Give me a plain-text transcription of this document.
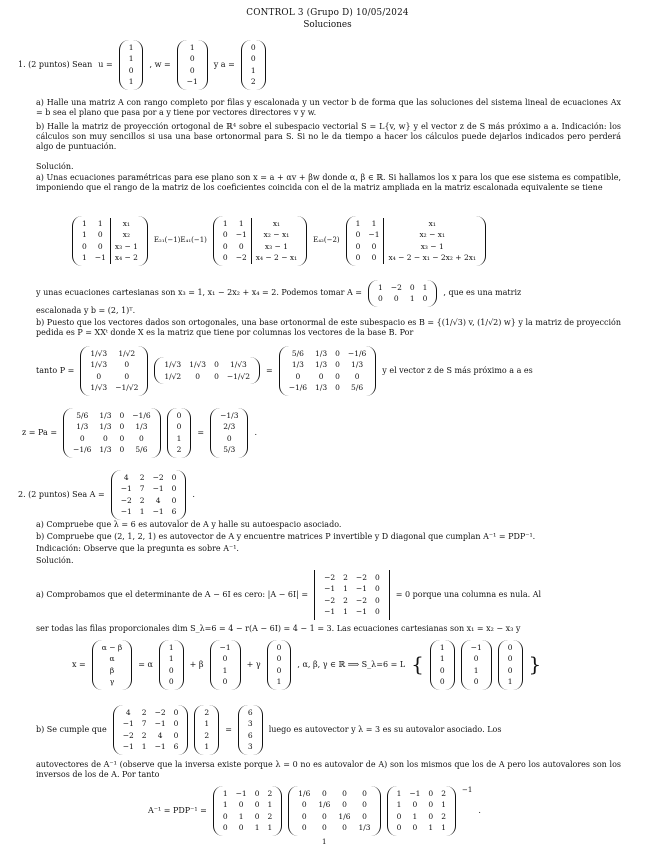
CONTROL 3 (Grupo D) 10/05/2024
Soluciones
1. (2 puntos) Sean u =
1
1
0
1
, w =
1
0
0
−1
y a =
0
0
1
2
a) Halle una matriz A con rango completo por filas y escalonada y un vector b de forma que las soluciones del sistema lineal de ecuaciones Ax = b sea el plano que pasa por a y tiene por vectores directores v y w.
b) Halle la matriz de proyección ortogonal de ℝ⁴ sobre el subespacio vectorial S = L{v, w} y el vector z de S más próximo a a. Indicación: los cálculos son muy sencillos si usa una base ortonormal para S. Si no le da tiempo a hacer los cálculos puede dejarlos indicados pero perderá algo de puntuación.
Solución.
a) Unas ecuaciones paramétricas para ese plano son x = a + αv + βw donde α, β ∈ ℝ. Si hallamos los x para los que ese sistema es compatible, imponiendo que el rango de la matriz de los coeficientes coincida con el de la matriz ampliada en la matriz escalonada equivalente se tiene
1	1	x₁
1	0	x₂
0	0	x₃ − 1
1	−1	x₄ − 2
E₂₁(−1)E₄₁(−1)
1	1	x₁
0	−1	x₂ − x₁
0	0	x₃ − 1
0	−2	x₄ − 2 − x₁
E₄₂(−2)
1	1	x₁
0	−1	x₂ − x₁
0	0	x₃ − 1
0	0	x₄ − 2 − x₁ − 2x₂ + 2x₁
y unas ecuaciones cartesianas son x₃ = 1, x₁ − 2x₂ + x₄ = 2. Podemos tomar A =
1	−2	0	1
0	0	1	0
, que es una matriz
escalonada y b = (2, 1)ᵀ.
b) Puesto que los vectores dados son ortogonales, una base ortonormal de este subespacio es B = {(1/√3) v, (1/√2) w} y la matriz de proyección pedida es P = XXᵗ donde X es la matriz que tiene por columnas los vectores de la base B. Por
tanto P =
1/√3	1/√2
1/√3	0
0	0
1/√3	−1/√2
1/√3	1/√3	0	1/√3
1/√2	0	0	−1/√2
=
5/6	1/3	0	−1/6
1/3	1/3	0	1/3
0	0	0	0
−1/6	1/3	0	5/6
y el vector z de S más próximo a a es
z = Pa =
5/6	1/3	0	−1/6
1/3	1/3	0	1/3
0	0	0	0
−1/6	1/3	0	5/6
0
0
1
2
=
−1/3
2/3
0
5/3
.
2. (2 puntos) Sea A =
4	2	−2	0
−1	7	−1	0
−2	2	4	0
−1	1	−1	6
.
a) Compruebe que λ = 6 es autovalor de A y halle su autoespacio asociado.
b) Compruebe que (2, 1, 2, 1) es autovector de A y encuentre matrices P invertible y D diagonal que cumplan A⁻¹ = PDP⁻¹.
Indicación: Observe que la pregunta es sobre A⁻¹.
Solución.
a) Comprobamos que el determinante de A − 6I es cero: |A − 6I| =
−2	2	−2	0
−1	1	−1	0
−2	2	−2	0
−1	1	−1	0
= 0 porque una columna es nula. Al
ser todas las filas proporcionales dim S_λ=6 = 4 − r(A − 6I) = 4 − 1 = 3. Las ecuaciones cartesianas son x₁ = x₂ − x₃ y
x =
α − β
α
β
γ
= α
1
1
0
0
+ β
−1
0
1
0
+ γ
0
0
0
1
, α, β, γ ∈ ℝ ⟹ S_λ=6 = L {
1
1
0
0
−1
0
1
0
0
0
0
1
}
b) Se cumple que
4	2	−2	0
−1	7	−1	0
−2	2	4	0
−1	1	−1	6
2
1
2
1
=
6
3
6
3
luego es autovector y λ = 3 es su autovalor asociado. Los
autovectores de A⁻¹ (observe que la inversa existe porque λ = 0 no es autovalor de A) son los mismos que los de A pero los autovalores son los inversos de los de A. Por tanto
A⁻¹ = PDP⁻¹ =
1	−1	0	2
1	0	0	1
0	1	0	2
0	0	1	1
1/6	0	0	0
0	1/6	0	0
0	0	1/6	0
0	0	0	1/3
1	−1	0	2
1	0	0	1
0	1	0	2
0	0	1	1
−1
.
1
